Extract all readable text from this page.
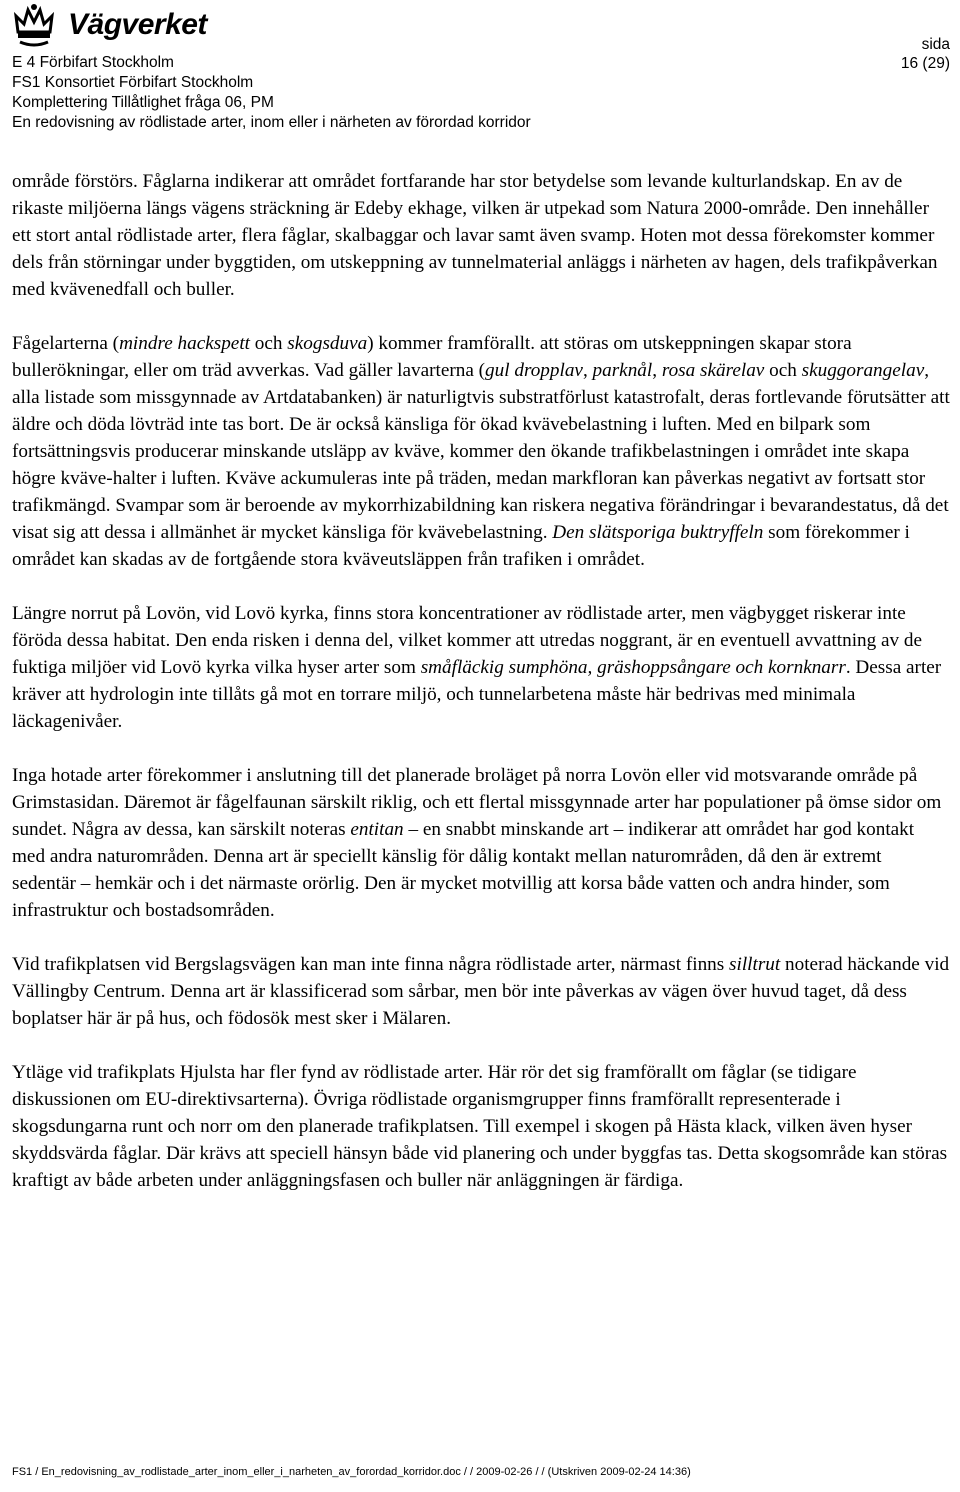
Vägverket
E 4 Förbifart Stockholm
FS1 Konsortiet Förbifart Stockholm
Komplettering Tillåtlighet fråga 06, PM
En redovisning av rödlistade arter, inom eller i närheten av förordad korridor
sida
16 (29)

område förstörs. Fåglarna indikerar att området fortfarande har stor betydelse som levande kulturlandskap. En av de rikaste miljöerna längs vägens sträckning är Edeby ekhage, vilken är utpekad som Natura 2000-område. Den innehåller ett stort antal rödlistade arter, flera fåglar, skalbaggar och lavar samt även svamp. Hoten mot dessa förekomster kommer dels från störningar under byggtiden, om utskeppning av tunnelmaterial anläggs i närheten av hagen, dels trafikpåverkan med kvävenedfall och buller.

Fågelarterna (mindre hackspett och skogsduva) kommer framförallt. att störas om utskeppningen skapar stora bullerökningar, eller om träd avverkas. Vad gäller lavarterna (gul dropplav, parknål, rosa skärelav och skuggorangelav, alla listade som missgynnade av Artdatabanken) är naturligtvis substratförlust katastrofalt, deras fortlevande förutsätter att äldre och döda lövträd inte tas bort. De är också känsliga för ökad kvävebelastning i luften. Med en bilpark som fortsättningsvis producerar minskande utsläpp av kväve, kommer den ökande trafikbelastningen i området inte skapa högre kväve-halter i luften. Kväve ackumuleras inte på träden, medan markfloran kan påverkas negativt av fortsatt stor trafikmängd. Svampar som är beroende av mykorrhizabildning kan riskera negativa förändringar i bevarandestatus, då det visat sig att dessa i allmänhet är mycket känsliga för kvävebelastning. Den slätsporiga buktryffeln som förekommer i området kan skadas av de fortgående stora kväveutsläppen från trafiken i området.

Längre norrut på Lovön, vid Lovö kyrka, finns stora koncentrationer av rödlistade arter, men vägbygget riskerar inte föröda dessa habitat. Den enda risken i denna del, vilket kommer att utredas noggrant, är en eventuell avvattning av de fuktiga miljöer vid Lovö kyrka vilka hyser arter som småfläckig sumphöna, gräshoppsångare och kornknarr. Dessa arter kräver att hydrologin inte tillåts gå mot en torrare miljö, och tunnelarbetena måste här bedrivas med minimala läckagenivåer.

Inga hotade arter förekommer i anslutning till det planerade broläget på norra Lovön eller vid motsvarande område på Grimstasidan. Däremot är fågelfaunan särskilt riklig, och ett flertal missgynnade arter har populationer på ömse sidor om sundet. Några av dessa, kan särskilt noteras entitan – en snabbt minskande art – indikerar att området har god kontakt med andra naturområden. Denna art är speciellt känslig för dålig kontakt mellan naturområden, då den är extremt sedentär – hemkär och i det närmaste orörlig. Den är mycket motvillig att korsa både vatten och andra hinder, som infrastruktur och bostadsområden.

Vid trafikplatsen vid Bergslagsvägen kan man inte finna några rödlistade arter, närmast finns silltrut noterad häckande vid Vällingby Centrum. Denna art är klassificerad som sårbar, men bör inte påverkas av vägen över huvud taget, då dess boplatser här är på hus, och födosök mest sker i Mälaren.

Ytläge vid trafikplats Hjulsta har fler fynd av rödlistade arter. Här rör det sig framförallt om fåglar (se tidigare diskussionen om EU-direktivsarterna). Övriga rödlistade organismgrupper finns framförallt representerade i skogsdungarna runt och norr om den planerade trafikplatsen. Till exempel i skogen på Hästa klack, vilken även hyser skyddsvärda fåglar. Där krävs att speciell hänsyn både vid planering och under byggfas tas. Detta skogsområde kan störas kraftigt av både arbeten under anläggningsfasen och buller när anläggningen är färdiga.

FS1 / En_redovisning_av_rodlistade_arter_inom_eller_i_narheten_av_forordad_korridor.doc / / 2009-02-26 / / (Utskriven 2009-02-24 14:36)
